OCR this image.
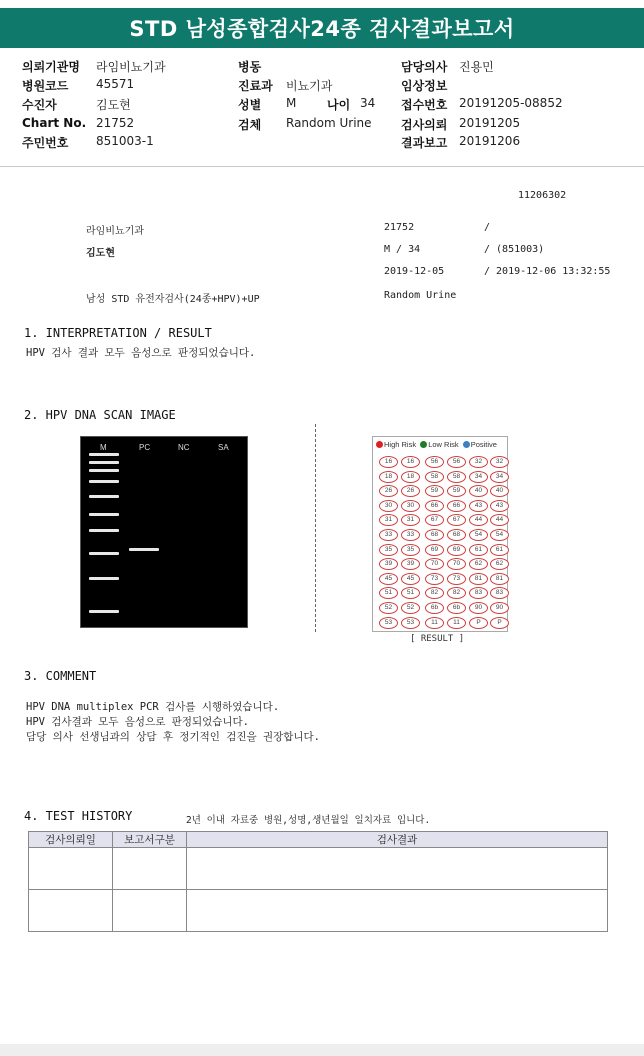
STD 남성종합검사24종 검사결과보고서
의뢰기관명 라임비뇨기과
병원코드 45571
수진자	김도현
Chart No. 21752
주민번호 851003-1
병동
진료과 비뇨기과
성별 M	나이 34
검체 Random Urine
담당의사 진용민
임상정보
접수번호 20191205-08852
검사의뢰 20191205
결과보고 20191206
11206302
라임비뇨기과	21752	/
김도현	M / 34	/ (851003)
2019-12-05	/ 2019-12-06 13:32:55
남성 STD 유전자검사(24종+HPV)+UP	Random Urine
1. INTERPRETATION / RESULT
HPV 검사 결과 모두 음성으로 판정되었습니다.
2. HPV DNA SCAN IMAGE
M	PC	NC	SA	High Risk Low Risk Positive
16	16	56	56	32	32
18	18	58	58	34	34
26	26	59	59	40	40
30	30	66	66	43	43
31	31	67	67	44	44
33	33	68	68	54	54
35	35	69	69	61	61
39	39	70	70	62	62
45	45	73	73	81	81
51	51	82	82	83	83
52	52	6b	6b	90	90
53	53	11	11	P	P
[ RESULT ]
3. COMMENT
HPV DNA multiplex PCR 검사를 시행하였습니다.
HPV 검사결과 모두 음성으로 판정되었습니다.
담당 의사 선생님과의 상담 후 정기적인 검진을 권장합니다.
4. TEST HISTORY	2년 이내 자료중 병원,성명,생년월일 일치자료 입니다.
검사의뢰일	보고서구분	검사결과
